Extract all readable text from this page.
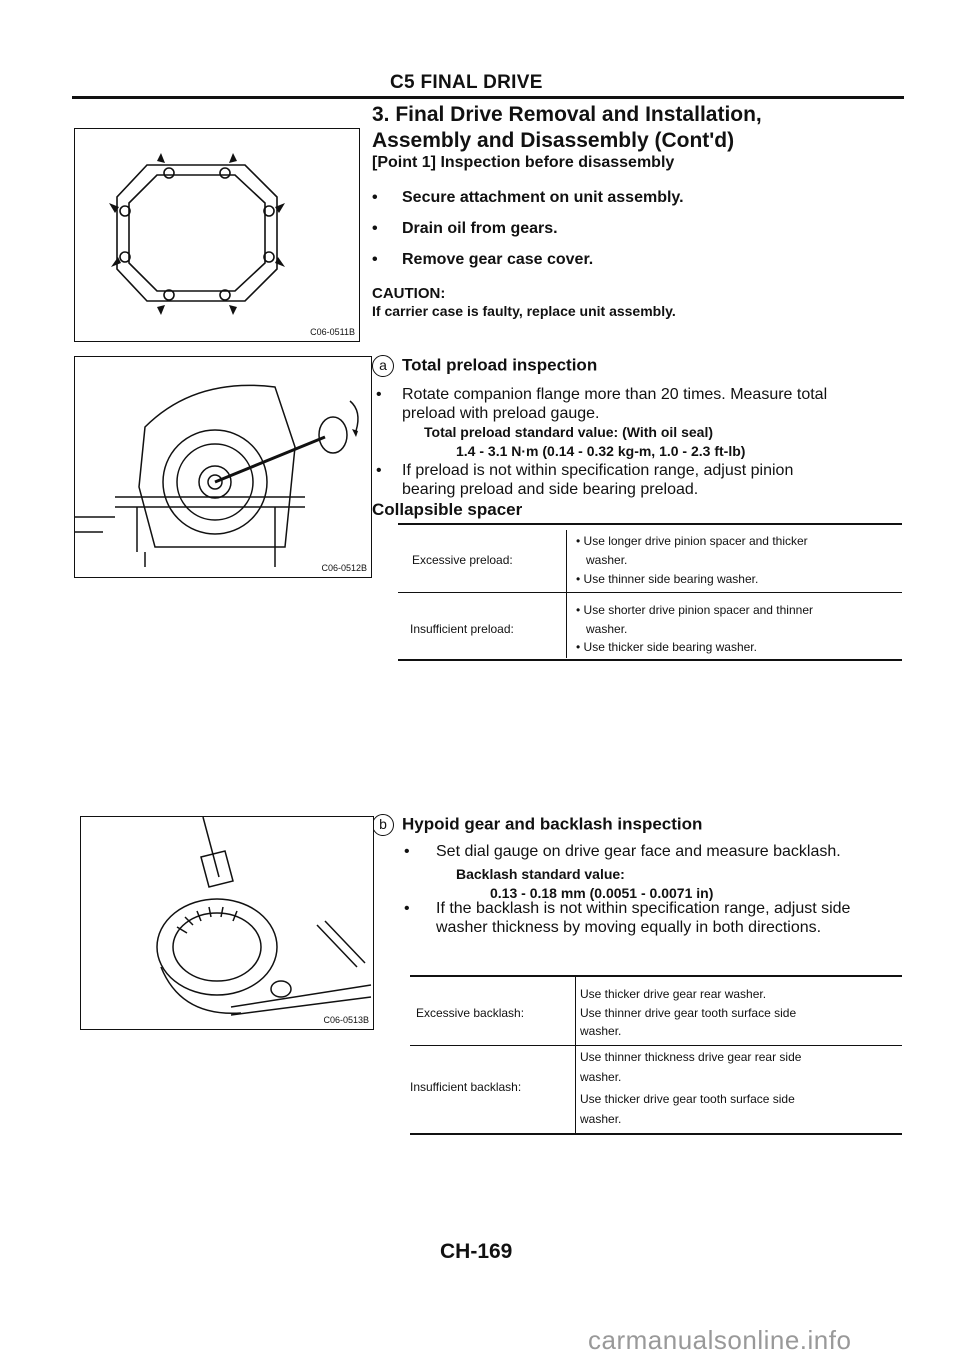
C5 FINAL DRIVE
3. Final Drive Removal and Installation,
Assembly and Disassembly (Cont'd)
[Point 1] Inspection before disassembly
• Secure attachment on unit assembly.
• Drain oil from gears.
• Remove gear case cover.
CAUTION:
If carrier case is faulty, replace unit assembly.
a Total preload inspection
• Rotate companion flange more than 20 times. Measure total
preload with preload gauge.
Total preload standard value: (With oil seal)
1.4 - 3.1 N·m (0.14 - 0.32 kg-m, 1.0 - 2.3 ft-lb)
• If preload is not within specification range, adjust pinion
bearing preload and side bearing preload.
Collapsible spacer
Excessive preload:
• Use longer drive pinion spacer and thicker
washer.
• Use thinner side bearing washer.
Insufficient preload:
• Use shorter drive pinion spacer and thinner
washer.
• Use thicker side bearing washer.
b Hypoid gear and backlash inspection
• Set dial gauge on drive gear face and measure backlash.
Backlash standard value:
0.13 - 0.18 mm (0.0051 - 0.0071 in)
• If the backlash is not within specification range, adjust side
washer thickness by moving equally in both directions.
Excessive backlash:
Use thicker drive gear rear washer.
Use thinner drive gear tooth surface side
washer.
Insufficient backlash:
Use thinner thickness drive gear rear side
washer.
Use thicker drive gear tooth surface side
washer.
C06-0511B
C06-0512B
C06-0513B
CH-169
carmanualsonline.info
